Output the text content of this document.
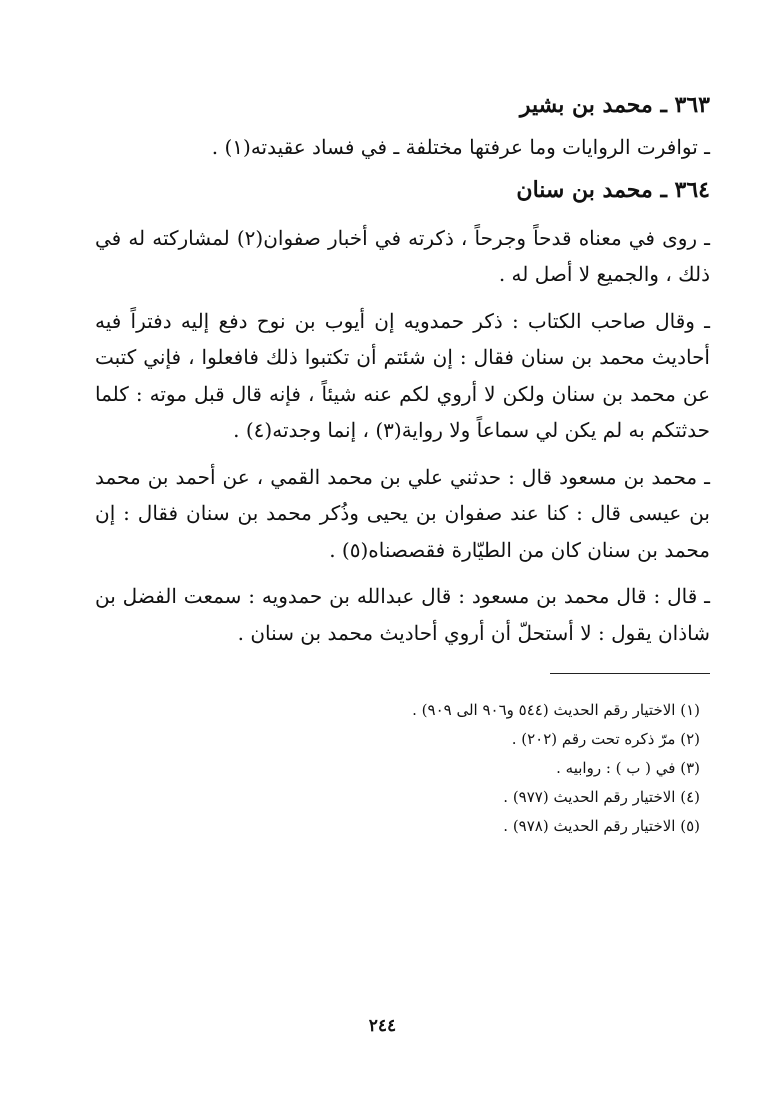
٣٦٣ ـ محمد بن بشير

ـ توافرت الروايات وما عرفتها مختلفة ـ في فساد عقيدته(١) .

٣٦٤ ـ محمد بن سنان

ـ روى في معناه قدحاً وجرحاً ، ذكرته في أخبار صفوان(٢) لمشاركته له في ذلك ، والجميع لا أصل له .

ـ وقال صاحب الكتاب : ذكر حمدويه إن أيوب بن نوح دفع إليه دفتراً فيه أحاديث محمد بن سنان فقال : إن شئتم أن تكتبوا ذلك فافعلوا ، فإني كتبت عن محمد بن سنان ولكن لا أروي لكم عنه شيئاً ، فإنه قال قبل موته : كلما حدثتكم به لم يكن لي سماعاً ولا رواية(٣) ، إنما وجدته(٤) .

ـ محمد بن مسعود قال : حدثني علي بن محمد القمي ، عن أحمد بن محمد بن عيسى قال : كنا عند صفوان بن يحيى وذُكر محمد بن سنان فقال : إن محمد بن سنان كان من الطيّارة فقصصناه(٥) .

ـ قال : قال محمد بن مسعود : قال عبدالله بن حمدويه : سمعت الفضل بن شاذان يقول : لا أستحلّ أن أروي أحاديث محمد بن سنان .

(١) الاختيار رقم الحديث (٥٤٤ و٩٠٦ الى ٩٠٩) .
(٢) مرّ ذكره تحت رقم (٢٠٢) .
(٣) في ( ب ) : روابيه .
(٤) الاختيار رقم الحديث (٩٧٧) .
(٥) الاختيار رقم الحديث (٩٧٨) .
٢٤٤
